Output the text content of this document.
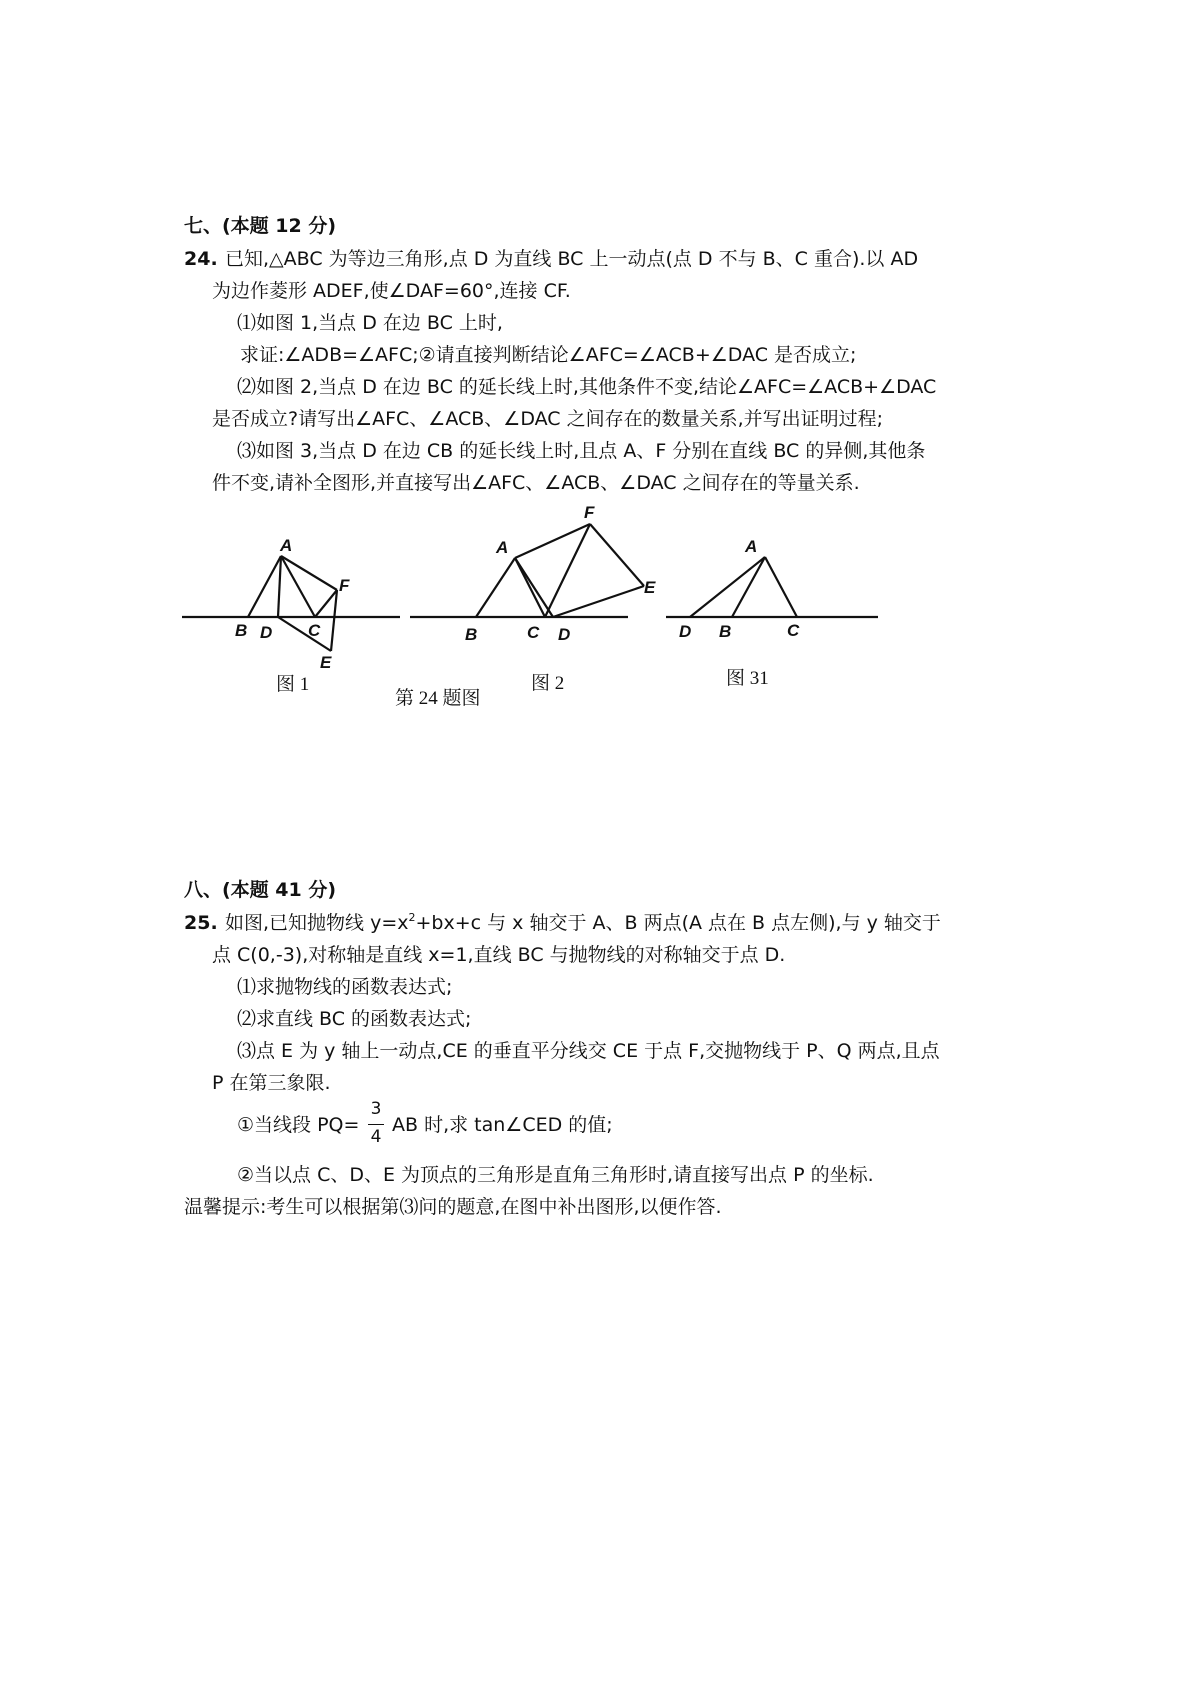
七、(本题 12 分)
24. 已知,△ABC 为等边三角形,点 D 为直线 BC 上一动点(点 D 不与 B、C 重合).以 AD
为边作菱形 ADEF,使∠DAF=60°,连接 CF.
⑴如图 1,当点 D 在边 BC 上时,
求证:∠ADB=∠AFC;②请直接判断结论∠AFC=∠ACB+∠DAC 是否成立;
⑵如图 2,当点 D 在边 BC 的延长线上时,其他条件不变,结论∠AFC=∠ACB+∠DAC
是否成立?请写出∠AFC、∠ACB、∠DAC 之间存在的数量关系,并写出证明过程;
⑶如图 3,当点 D 在边 CB 的延长线上时,且点 A、F 分别在直线 BC 的异侧,其他条
件不变,请补全图形,并直接写出∠AFC、∠ACB、∠DAC 之间存在的等量关系.
A
B D C
F
E
A
F
E
B	C D
A
D B	C
图 1
第 24 题图
图 2	图 31
八、(本题 41 分)
25. 如图,已知抛物线 $y=x^2+bx+c$ 与 x 轴交于 A、B 两点(A 点在 B 点左侧),与 y 轴交于
点 C(0,-3),对称轴是直线 x=1,直线 BC 与抛物线的对称轴交于点 D.
⑴求抛物线的函数表达式;
⑵求直线 BC 的函数表达式;
⑶点 E 为 y 轴上一动点,CE 的垂直平分线交 CE 于点 F,交抛物线于 P、Q 两点,且点
P 在第三象限.
①当线段 PQ=
3
4
AB 时,求 tan∠CED 的值;
②当以点 C、D、E 为顶点的三角形是直角三角形时,请直接写出点 P 的坐标.
温馨提示:考生可以根据第⑶问的题意,在图中补出图形,以便作答.
